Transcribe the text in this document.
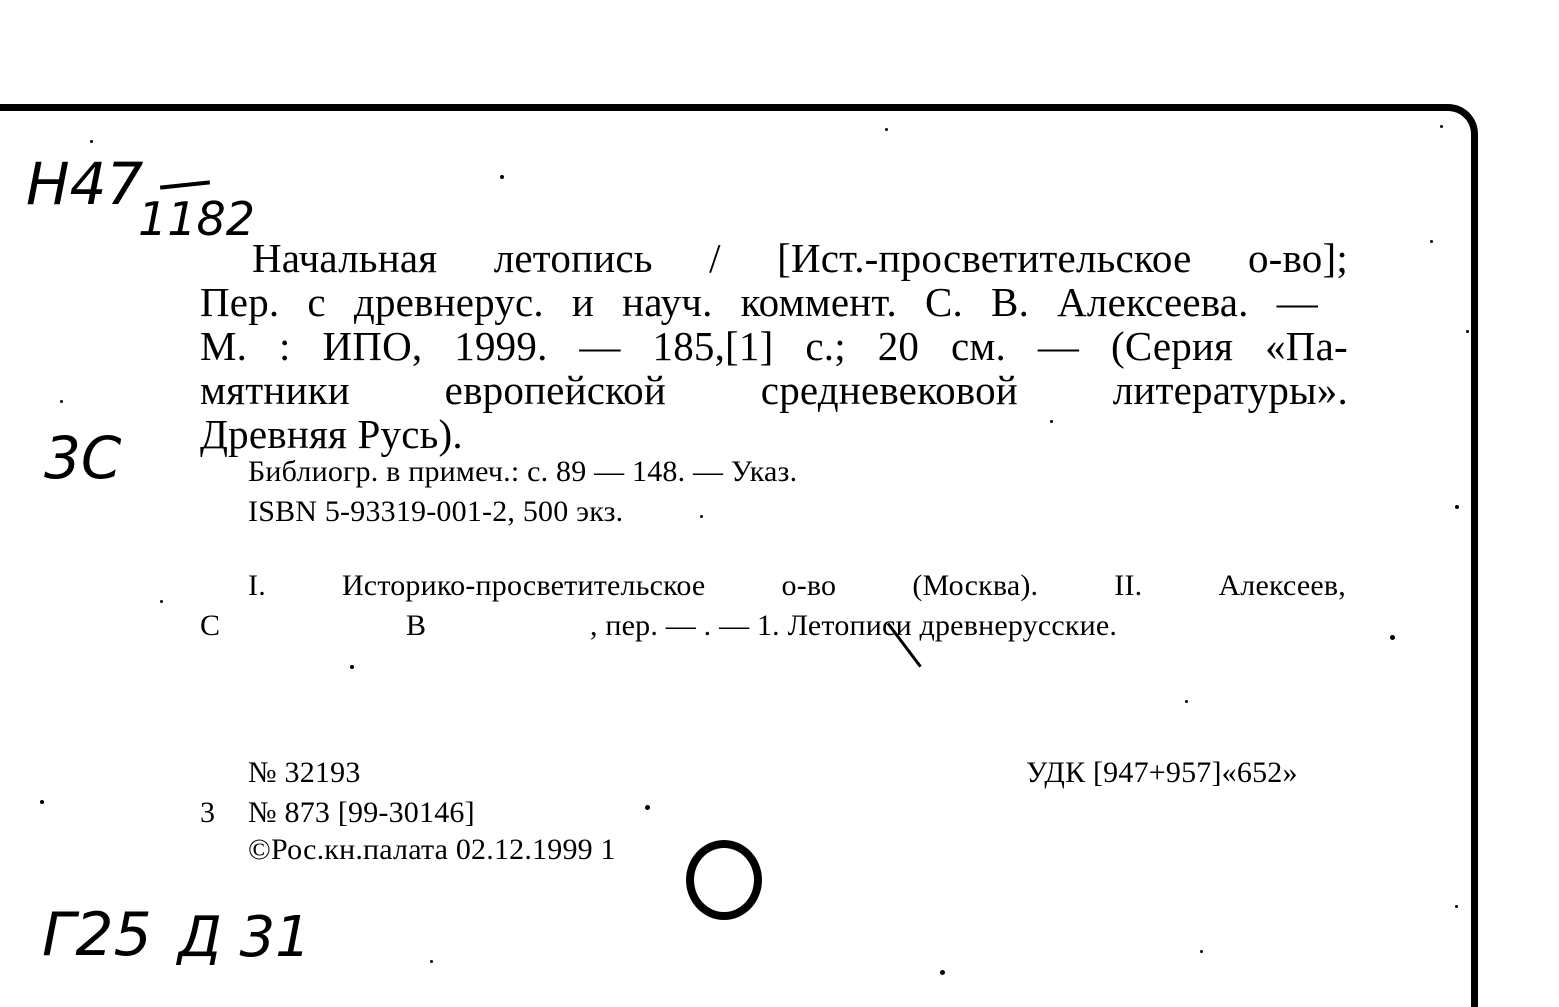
Н47
1182
3С
Г25 Д 31
Начальная летопись / [Ист.-просветительское о-во];
Пер. с древнерус. и науч. коммент. С. В. Алексеева. —
М. : ИПО, 1999. — 185,[1] с.; 20 см. — (Серия «Па-
мятники европейской средневековой литературы».
Древняя Русь).
Библиогр. в примеч.: с. 89 — 148. — Указ.
ISBN 5-93319-001-2, 500 экз.
I.	Историко-просветительское	о-во	(Москва).	II.	Алексеев,
С	В	, пер. — . — 1. Летописи древнерусские.
№ 32193	УДК [947+957]«652»
3 № 873 [99-30146]
©Рос.кн.палата 02.12.1999 1
